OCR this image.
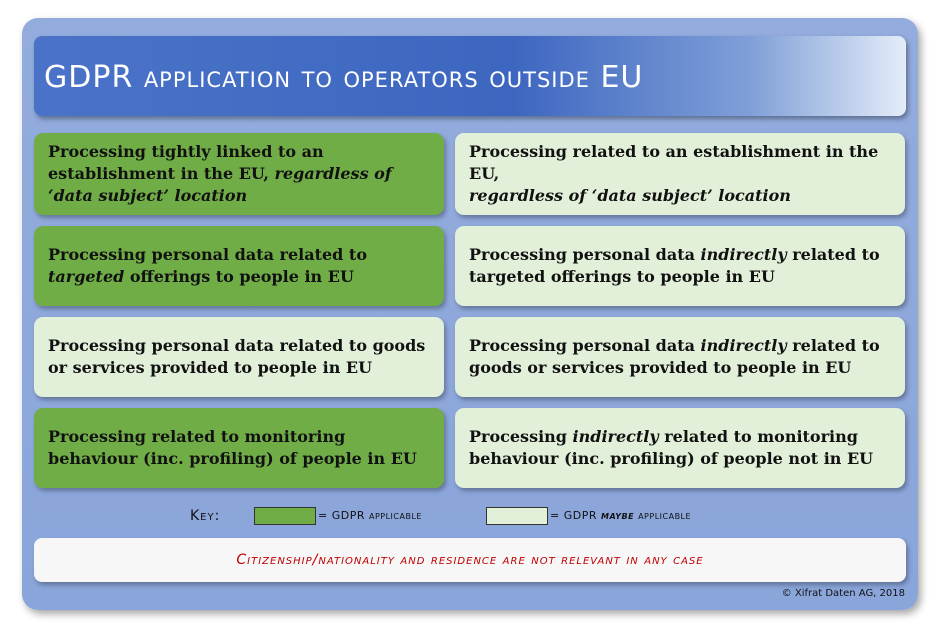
GDPR application to operators outside EU
Processing tightly linked to an establishment in the EU, regardless of ‘data subject’ location
Processing related to an establishment in the EU,
regardless of ‘data subject’ location
Processing personal data related to targeted offerings to people in EU
Processing personal data indirectly related to targeted offerings to people in EU
Processing personal data related to goods or services provided to people in EU
Processing personal data indirectly related to goods or services provided to people in EU
Processing related to monitoring behaviour (inc. profiling) of people in EU
Processing indirectly related to monitoring behaviour (inc. profiling) of people not in EU
Key:	= GDPR applicable	= GDPR maybe applicable
Citizenship/nationality and residence are not relevant in any case
© Xifrat Daten AG, 2018
